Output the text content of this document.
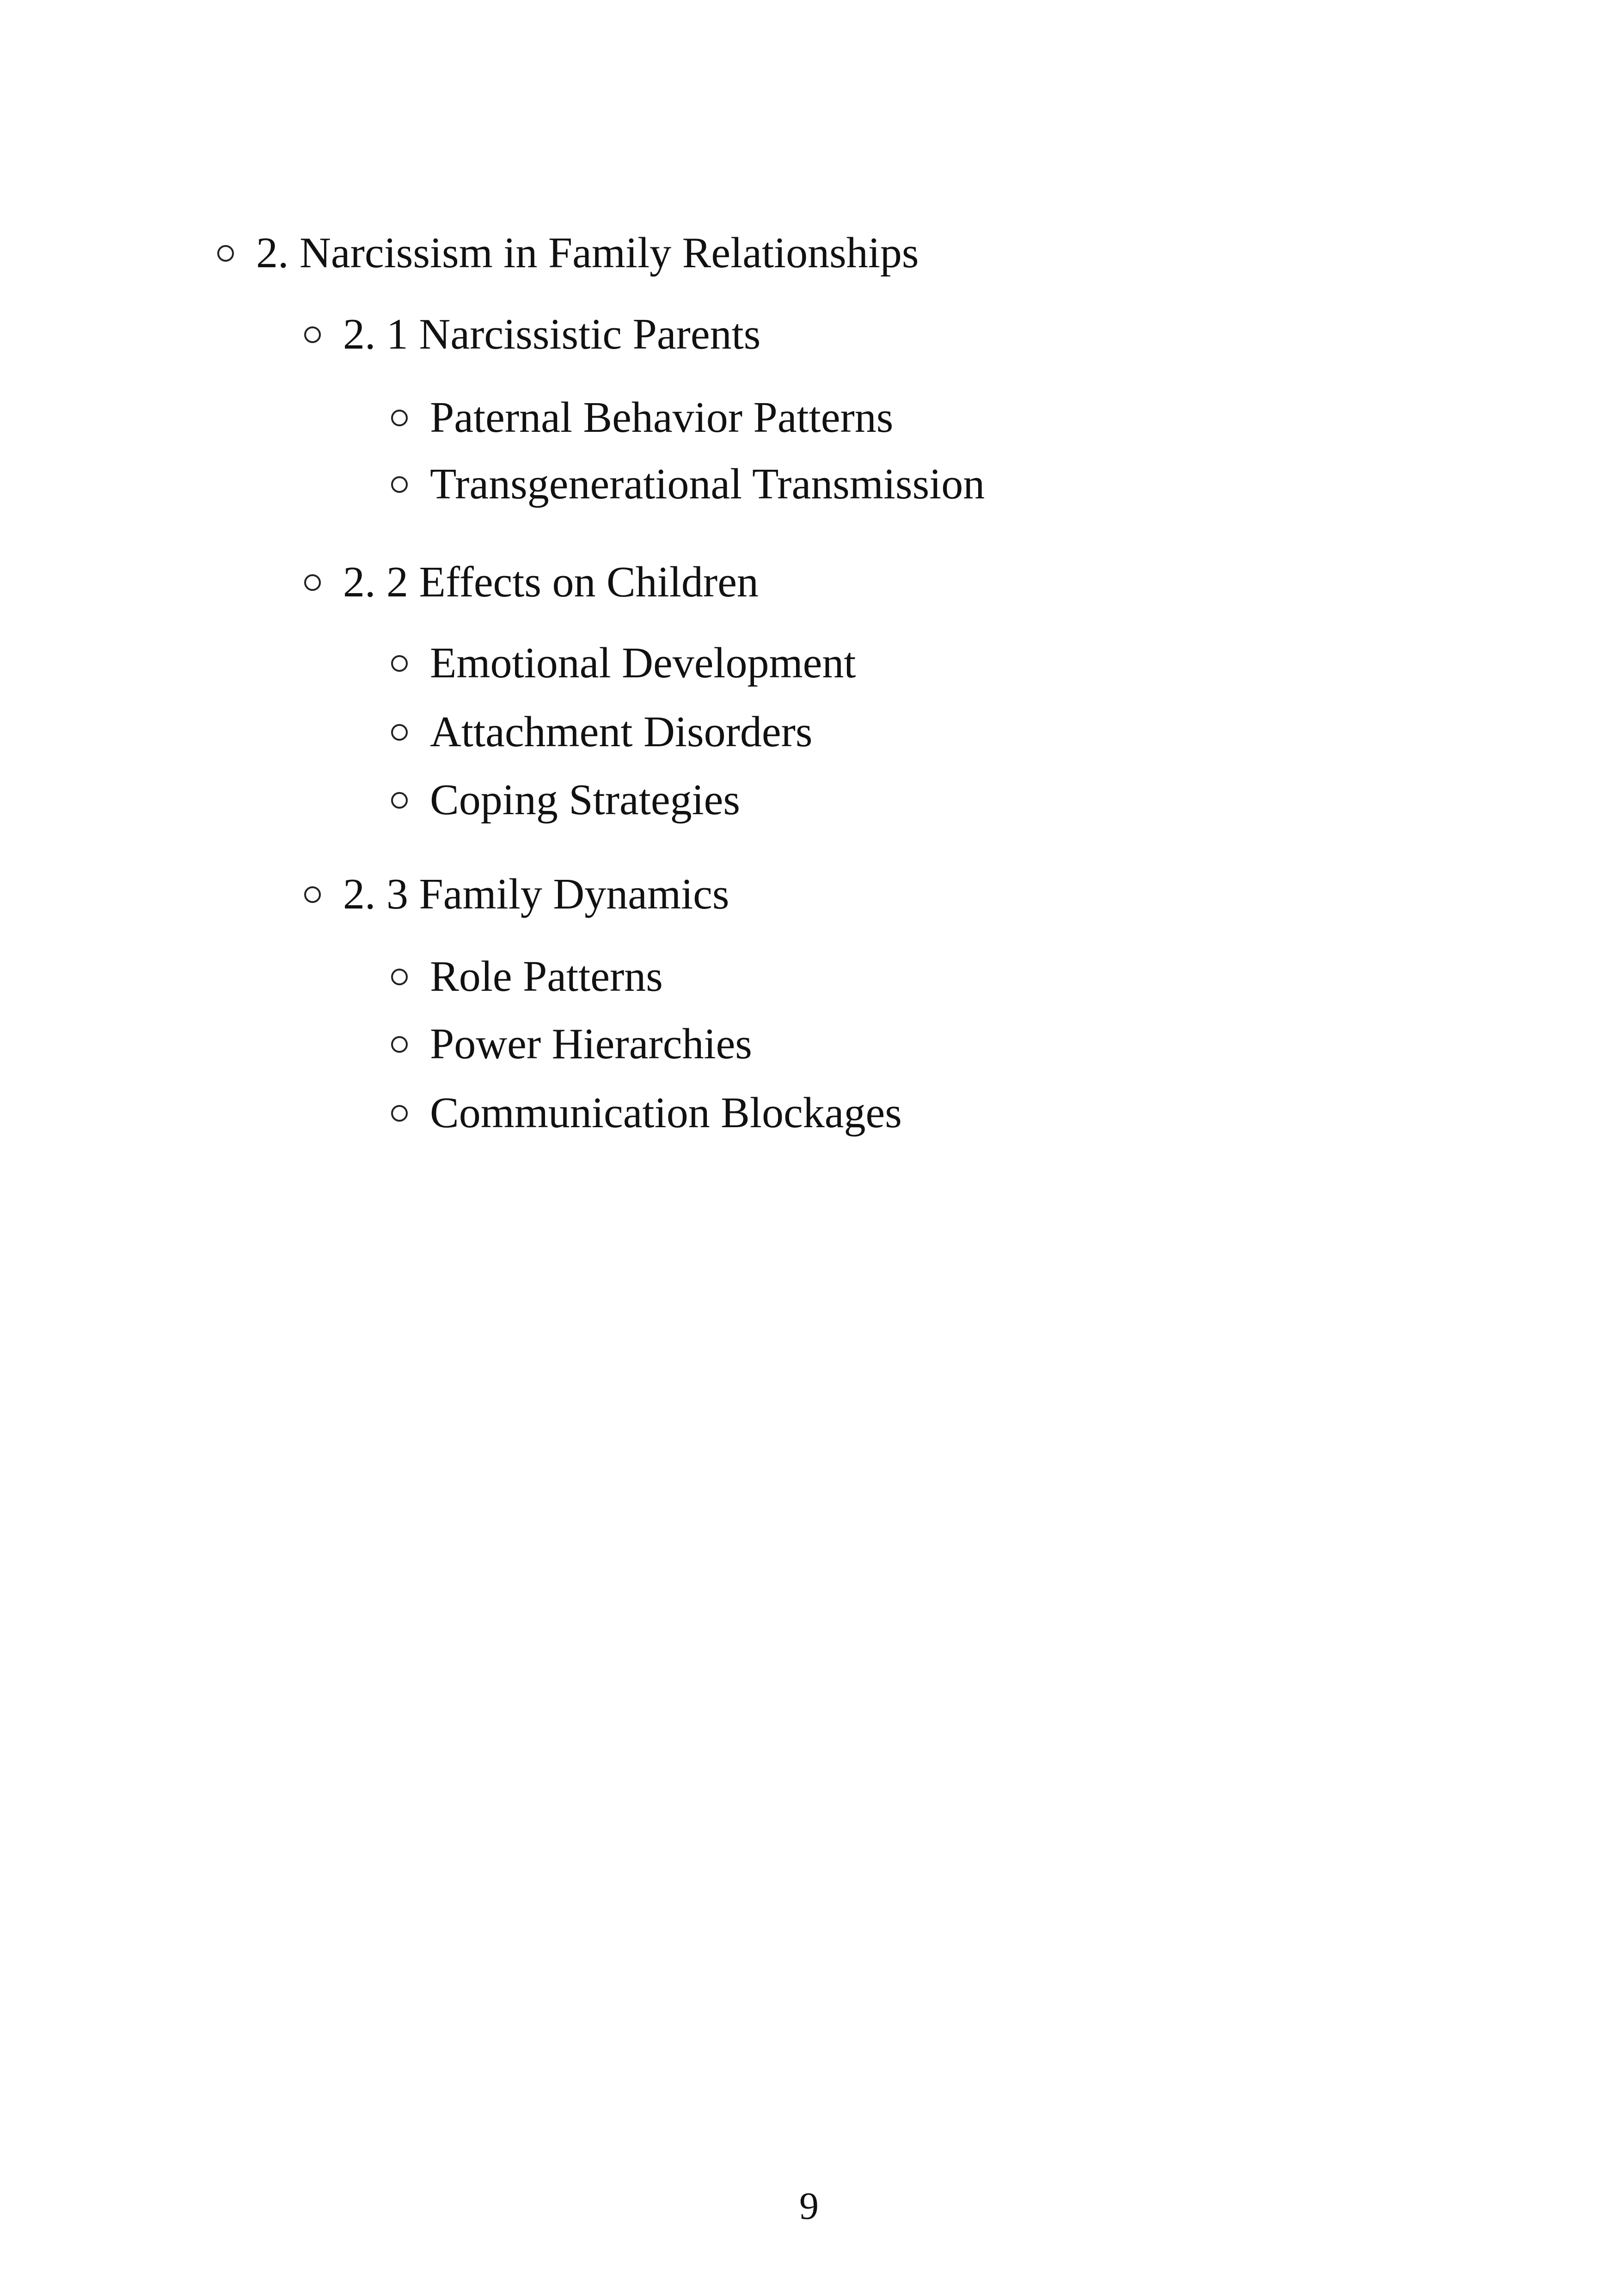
2. Narcissism in Family Relationships
2. 1 Narcissistic Parents
Paternal Behavior Patterns
Transgenerational Transmission
2. 2 Effects on Children
Emotional Development
Attachment Disorders
Coping Strategies
2. 3 Family Dynamics
Role Patterns
Power Hierarchies
Communication Blockages
9
